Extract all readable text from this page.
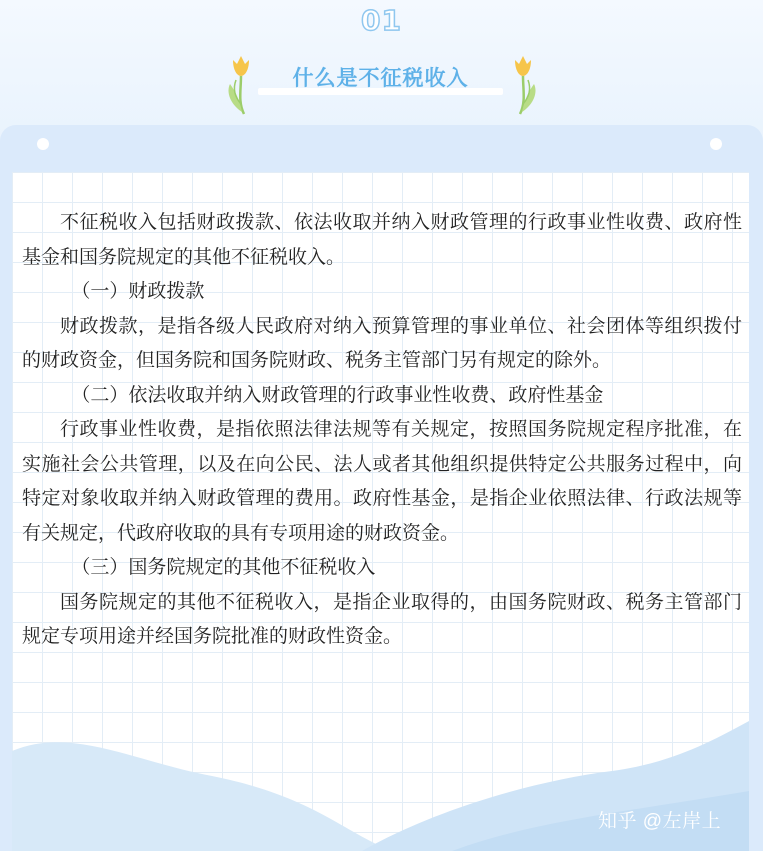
01
什么是不征税收入

不征税收入包括财政拨款、依法收取并纳入财政管理的行政事业性收费、政府性基金和国务院规定的其他不征税收入。

（一）财政拨款

财政拨款，是指各级人民政府对纳入预算管理的事业单位、社会团体等组织拨付的财政资金，但国务院和国务院财政、税务主管部门另有规定的除外。

（二）依法收取并纳入财政管理的行政事业性收费、政府性基金

行政事业性收费，是指依照法律法规等有关规定，按照国务院规定程序批准，在实施社会公共管理，以及在向公民、法人或者其他组织提供特定公共服务过程中，向特定对象收取并纳入财政管理的费用。政府性基金，是指企业依照法律、行政法规等有关规定，代政府收取的具有专项用途的财政资金。

（三）国务院规定的其他不征税收入

国务院规定的其他不征税收入，是指企业取得的，由国务院财政、税务主管部门规定专项用途并经国务院批准的财政性资金。

知乎 @左岸上
